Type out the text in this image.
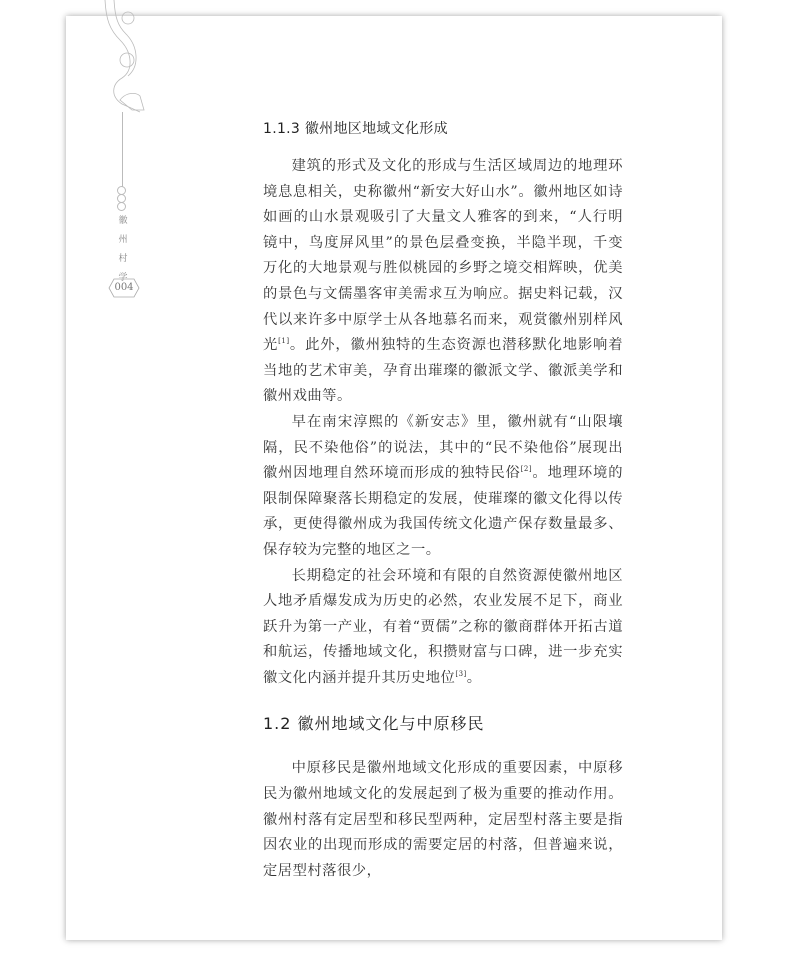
徽
州
村
学
004
1.1.3 徽州地区地域文化形成

建筑的形式及文化的形成与生活区域周边的地理环境息息相关，史称徽州“新安大好山水”。徽州地区如诗如画的山水景观吸引了大量文人雅客的到来，“人行明镜中，鸟度屏风里”的景色层叠变换，半隐半现，千变万化的大地景观与胜似桃园的乡野之境交相辉映，优美的景色与文儒墨客审美需求互为响应。据史料记载，汉代以来许多中原学士从各地慕名而来，观赏徽州别样风光[1]。此外，徽州独特的生态资源也潜移默化地影响着当地的艺术审美，孕育出璀璨的徽派文学、徽派美学和徽州戏曲等。

早在南宋淳熙的《新安志》里，徽州就有“山限壤隔，民不染他俗”的说法，其中的“民不染他俗”展现出徽州因地理自然环境而形成的独特民俗[2]。地理环境的限制保障聚落长期稳定的发展，使璀璨的徽文化得以传承，更使得徽州成为我国传统文化遗产保存数量最多、保存较为完整的地区之一。

长期稳定的社会环境和有限的自然资源使徽州地区人地矛盾爆发成为历史的必然，农业发展不足下，商业跃升为第一产业，有着“贾儒”之称的徽商群体开拓古道和航运，传播地域文化，积攒财富与口碑，进一步充实徽文化内涵并提升其历史地位[3]。

1.2 徽州地域文化与中原移民

中原移民是徽州地域文化形成的重要因素，中原移民为徽州地域文化的发展起到了极为重要的推动作用。徽州村落有定居型和移民型两种，定居型村落主要是指因农业的出现而形成的需要定居的村落，但普遍来说，定居型村落很少，
